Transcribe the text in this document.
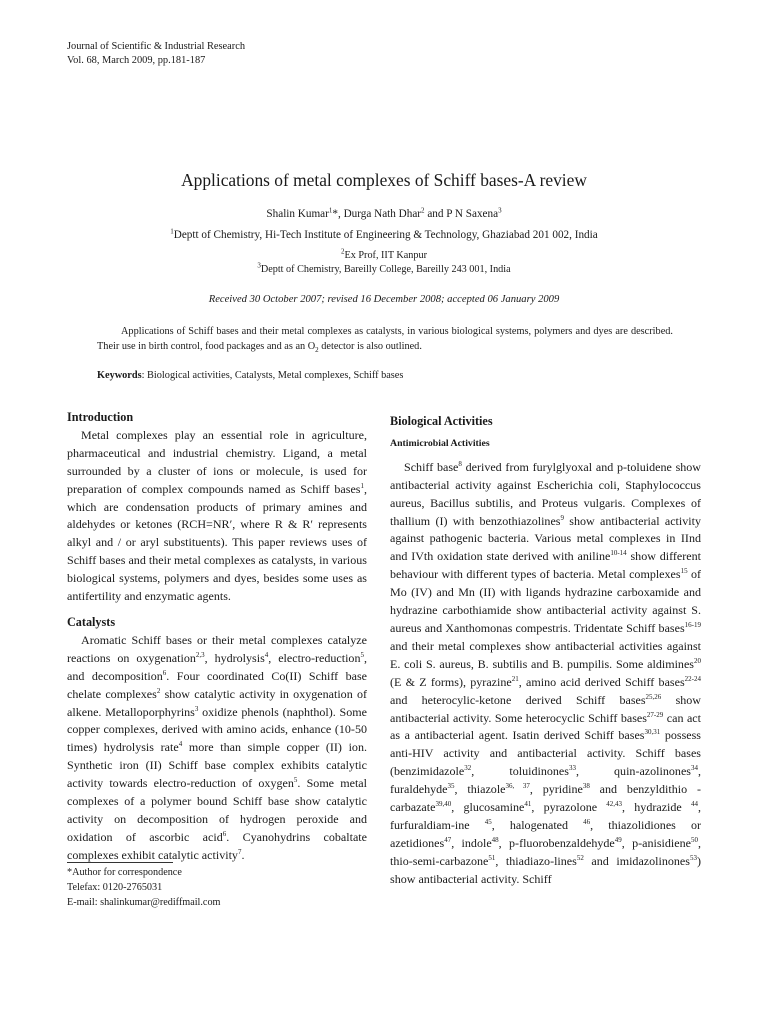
Journal of Scientific & Industrial Research
Vol. 68, March 2009, pp.181-187
Applications of metal complexes of Schiff bases-A review
Shalin Kumar$^1$*, Durga Nath Dhar$^2$ and P N Saxena$^3$
$^1$Deptt of Chemistry, Hi-Tech Institute of Engineering & Technology, Ghaziabad 201 002, India
$^2$Ex Prof, IIT Kanpur
$^3$Deptt of Chemistry, Bareilly College, Bareilly 243 001, India
Received 30 October 2007; revised 16 December 2008; accepted 06 January 2009
Applications of Schiff bases and their metal complexes as catalysts, in various biological systems, polymers and dyes are described. Their use in birth control, food packages and as an $O_2$ detector is also outlined.
Keywords: Biological activities, Catalysts, Metal complexes, Schiff bases
Introduction

Metal complexes play an essential role in agriculture, pharmaceutical and industrial chemistry. Ligand, a metal surrounded by a cluster of ions or molecule, is used for preparation of complex compounds named as Schiff bases$^1$, which are condensation products of primary amines and aldehydes or ketones (RCH=NR′, where R & R′ represents alkyl and / or aryl substituents). This paper reviews uses of Schiff bases and their metal complexes as catalysts, in various biological systems, polymers and dyes, besides some uses as antifertility and enzymatic agents.

Catalysts

Aromatic Schiff bases or their metal complexes catalyze reactions on oxygenation$^{2,3}$, hydrolysis$^4$, electro-reduction$^5$, and decomposition$^6$. Four coordinated Co(II) Schiff base chelate complexes$^2$ show catalytic activity in oxygenation of alkene. Metalloporphyrins$^3$ oxidize phenols (naphthol). Some copper complexes, derived with amino acids, enhance (10-50 times) hydrolysis rate$^4$ more than simple copper (II) ion. Synthetic iron (II) Schiff base complex exhibits catalytic activity towards electro-reduction of oxygen$^5$. Some metal complexes of a polymer bound Schiff base show catalytic activity on decomposition of hydrogen peroxide and oxidation of ascorbic acid$^6$. Cyanohydrins cobaltate complexes exhibit catalytic activity$^7$.

*Author for correspondence
Telefax: 0120-2765031
E-mail: shalinkumar@rediffmail.com
Biological Activities
Antimicrobial Activities

Schiff base$^8$ derived from furylglyoxal and p-toluidene show antibacterial activity against Escherichia coli, Staphylococcus aureus, Bacillus subtilis, and Proteus vulgaris. Complexes of thallium (I) with benzothiazolines$^9$ show antibacterial activity against pathogenic bacteria. Various metal complexes in IInd and IVth oxidation state derived with aniline$^{10-14}$ show different behaviour with different types of bacteria. Metal complexes$^{15}$ of Mo (IV) and Mn (II) with ligands hydrazine carboxamide and hydrazine carbothiamide show antibacterial activity against S. aureus and Xanthomonas compestris. Tridentate Schiff bases$^{16-19}$ and their metal complexes show antibacterial activities against E. coli S. aureus, B. subtilis and B. pumpilis. Some aldimines$^{20}$ (E & Z forms), pyrazine$^{21}$, amino acid derived Schiff bases$^{22-24}$ and heterocylic-ketone derived Schiff bases$^{25,26}$ show antibacterial activity. Some heterocyclic Schiff bases$^{27-29}$ can act as a antibacterial agent. Isatin derived Schiff bases$^{30,31}$ possess anti-HIV activity and antibacterial activity. Schiff bases (benzimidazole$^{32}$, toluidinones$^{33}$, quin-azolinones$^{34}$, furaldehyde$^{35}$, thiazole$^{36, 37}$, pyridine$^{38}$ and benzyldithio -carbazate$^{39,40}$, glucosamine$^{41}$, pyrazolone $^{42,43}$, hydrazide $^{44}$, furfuraldiam-ine $^{45}$, halogenated $^{46}$, thiazolidiones or azetidiones$^{47}$, indole$^{48}$, p-fluorobenzaldehyde$^{49}$, p-anisidiene$^{50}$, thio-semi-carbazone$^{51}$, thiadiazo-lines$^{52}$ and imidazolinones$^{53}$) show antibacterial activity. Schiff
